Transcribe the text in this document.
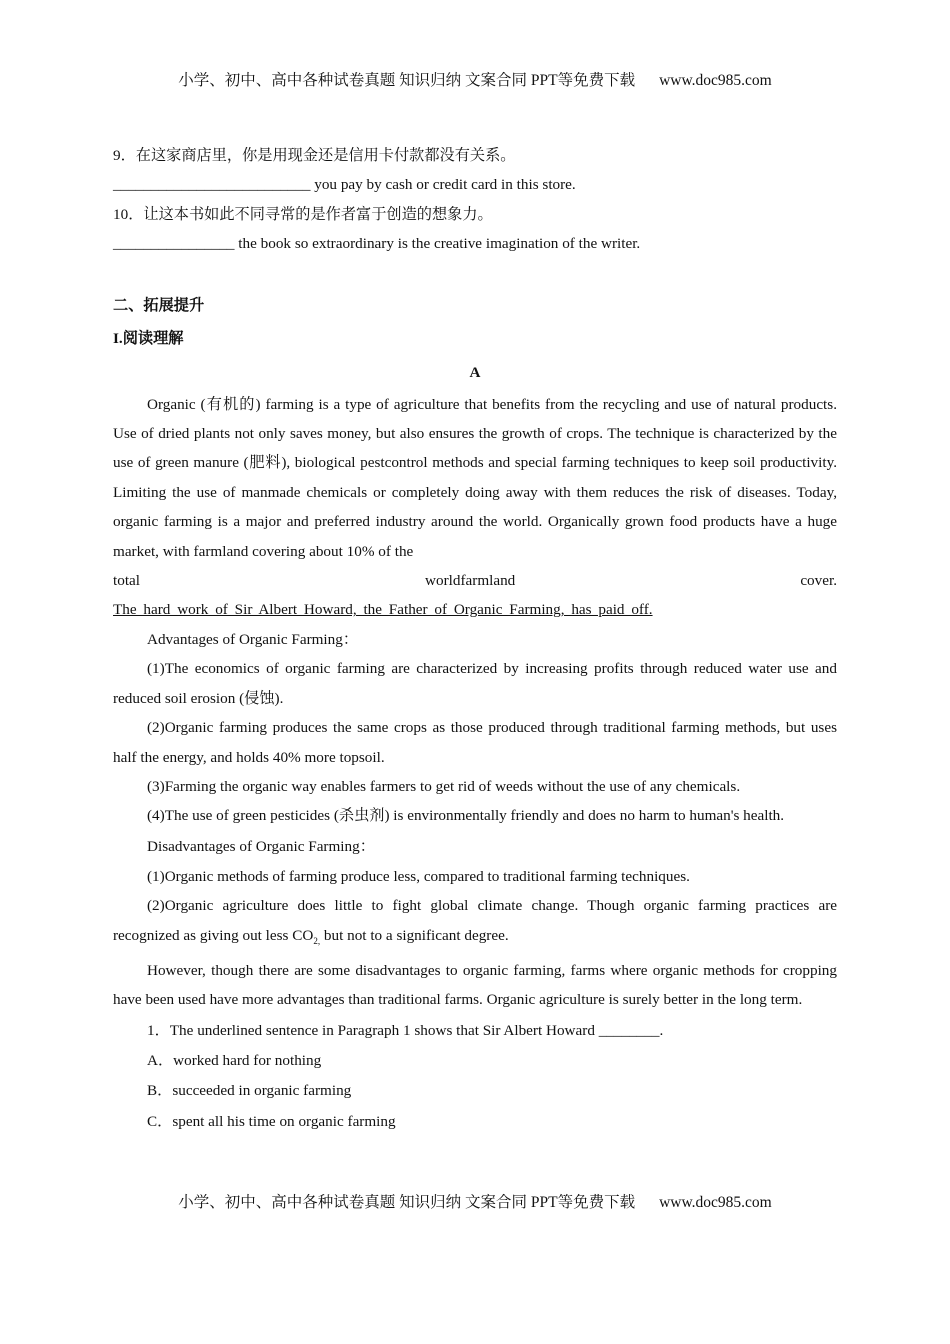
小学、初中、高中各种试卷真题 知识归纳 文案合同 PPT等免费下载 www.doc985.com
9．在这家商店里，你是用现金还是信用卡付款都没有关系。
__________________________ you pay by cash or credit card in this store.
10．让这本书如此不同寻常的是作者富于创造的想象力。
________________ the book so extraordinary is the creative imagination of the writer.
二、拓展提升
I.阅读理解
A
Organic (有机的) farming is a type of agriculture that benefits from the recycling and use of natural products. Use of dried plants not only saves money, but also ensures the growth of crops. The technique is characterized by the use of green manure (肥料), biological pestcontrol methods and special farming techniques to keep soil productivity. Limiting the use of manmade chemicals or completely doing away with them reduces the risk of diseases. Today, organic farming is a major and preferred industry around the world. Organically grown food products have a huge market, with farmland covering about 10% of the
total	worldfarmland	cover.
The hard work of Sir Albert Howard, the Father of Organic Farming, has paid off.
Advantages of Organic Farming：
(1)The economics of organic farming are characterized by increasing profits through reduced water use and reduced soil erosion (侵蚀).
(2)Organic farming produces the same crops as those produced through traditional farming methods, but uses half the energy, and holds 40% more topsoil.
(3)Farming the organic way enables farmers to get rid of weeds without the use of any chemicals.
(4)The use of green pesticides (杀虫剂) is environmentally friendly and does no harm to human's health.
Disadvantages of Organic Farming：
(1)Organic methods of farming produce less, compared to traditional farming techniques.
(2)Organic agriculture does little to fight global climate change. Though organic farming practices are recognized as giving out less $CO_{2,}$ but not to a significant degree.
However, though there are some disadvantages to organic farming, farms where organic methods for cropping have been used have more advantages than traditional farms. Organic agriculture is surely better in the long term.
1．The underlined sentence in Paragraph 1 shows that Sir Albert Howard ________.
A．worked hard for nothing
B．succeeded in organic farming
C．spent all his time on organic farming
小学、初中、高中各种试卷真题 知识归纳 文案合同 PPT等免费下载 www.doc985.com
